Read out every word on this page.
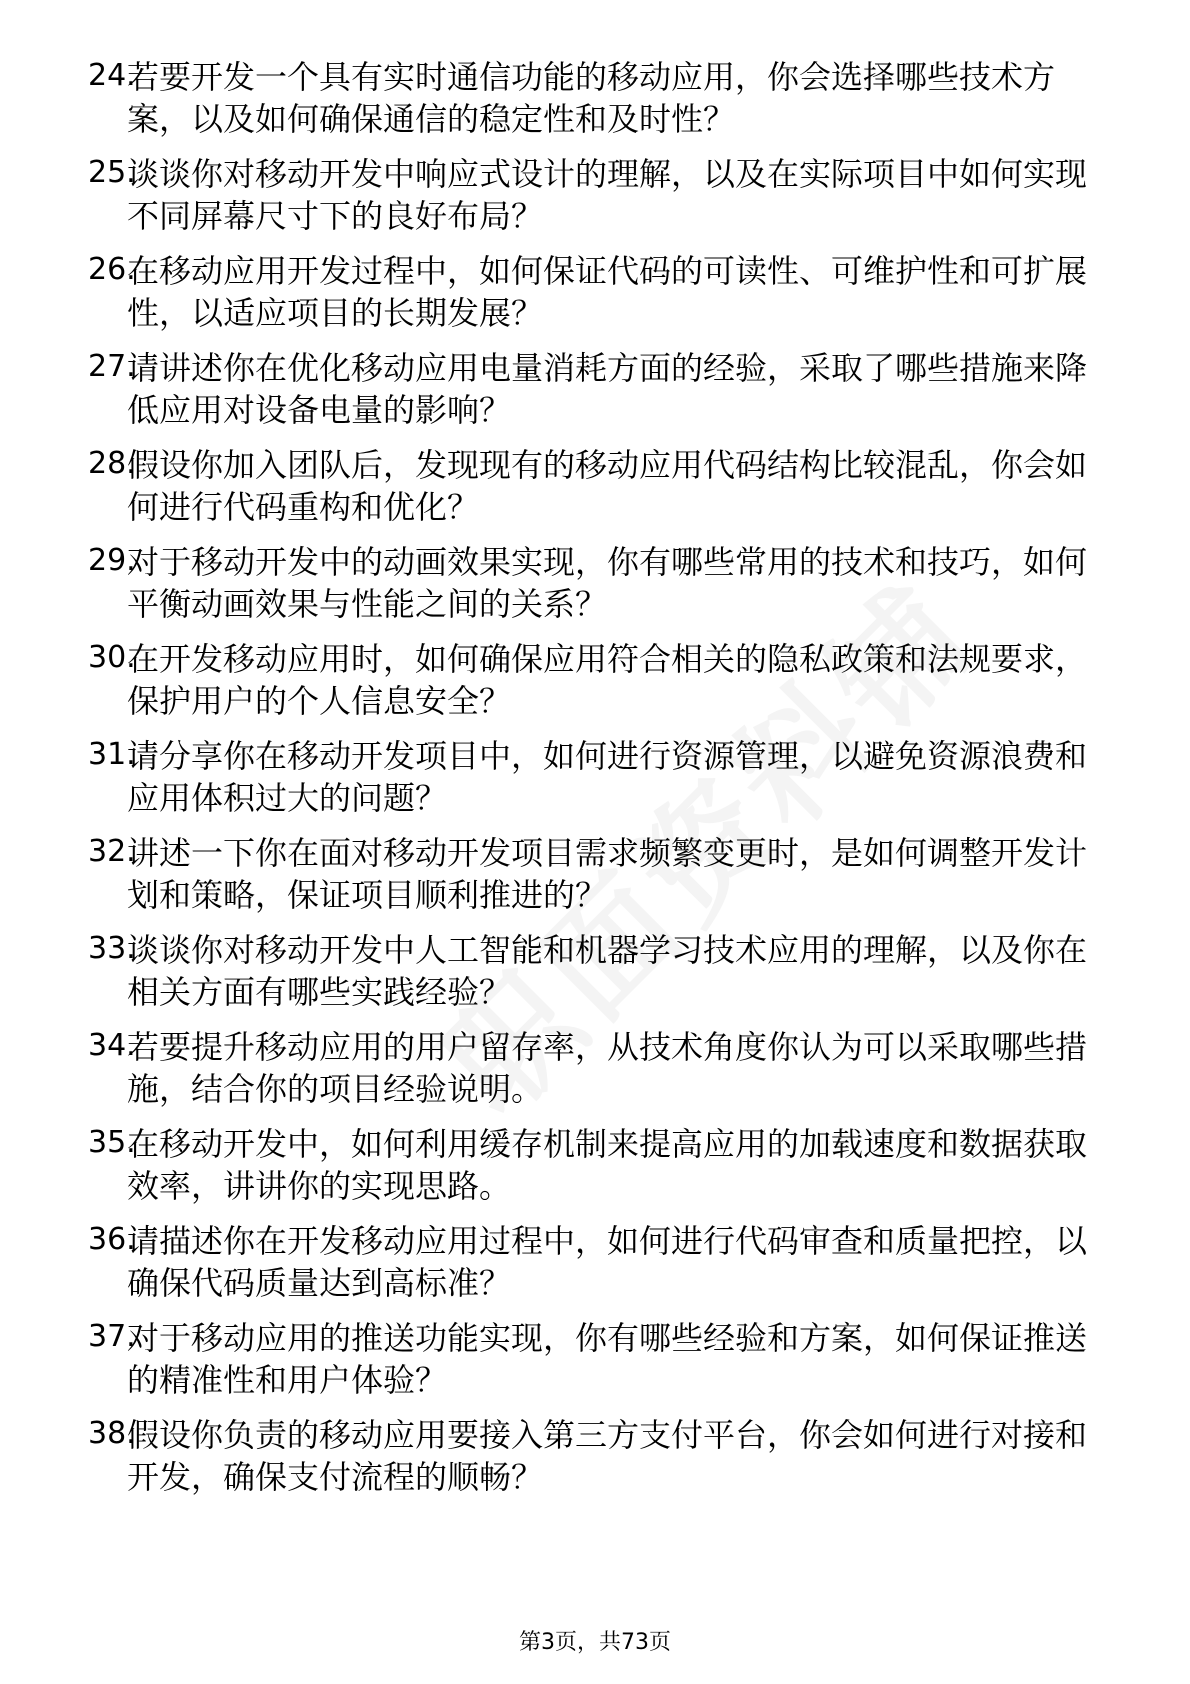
24.
若要开发一个具有实时通信功能的移动应用，你会选择哪些技术方案，以及如何确保通信的稳定性和及时性？
25.
谈谈你对移动开发中响应式设计的理解，以及在实际项目中如何实现不同屏幕尺寸下的良好布局？
26.
在移动应用开发过程中，如何保证代码的可读性、可维护性和可扩展性，以适应项目的长期发展？
27.
请讲述你在优化移动应用电量消耗方面的经验，采取了哪些措施来降低应用对设备电量的影响？
28.
假设你加入团队后，发现现有的移动应用代码结构比较混乱，你会如何进行代码重构和优化？
29.
对于移动开发中的动画效果实现，你有哪些常用的技术和技巧，如何平衡动画效果与性能之间的关系？
30.
在开发移动应用时，如何确保应用符合相关的隐私政策和法规要求，保护用户的个人信息安全？
31.
请分享你在移动开发项目中，如何进行资源管理，以避免资源浪费和应用体积过大的问题？
32.
讲述一下你在面对移动开发项目需求频繁变更时，是如何调整开发计划和策略，保证项目顺利推进的？
33.
谈谈你对移动开发中人工智能和机器学习技术应用的理解，以及你在相关方面有哪些实践经验？
34.
若要提升移动应用的用户留存率，从技术角度你认为可以采取哪些措施，结合你的项目经验说明。
35.
在移动开发中，如何利用缓存机制来提高应用的加载速度和数据获取效率，讲讲你的实现思路。
36.
请描述你在开发移动应用过程中，如何进行代码审查和质量把控，以确保代码质量达到高标准？
37.
对于移动应用的推送功能实现，你有哪些经验和方案，如何保证推送的精准性和用户体验？
38.
假设你负责的移动应用要接入第三方支付平台，你会如何进行对接和开发，确保支付流程的顺畅？
第3页，共73页
